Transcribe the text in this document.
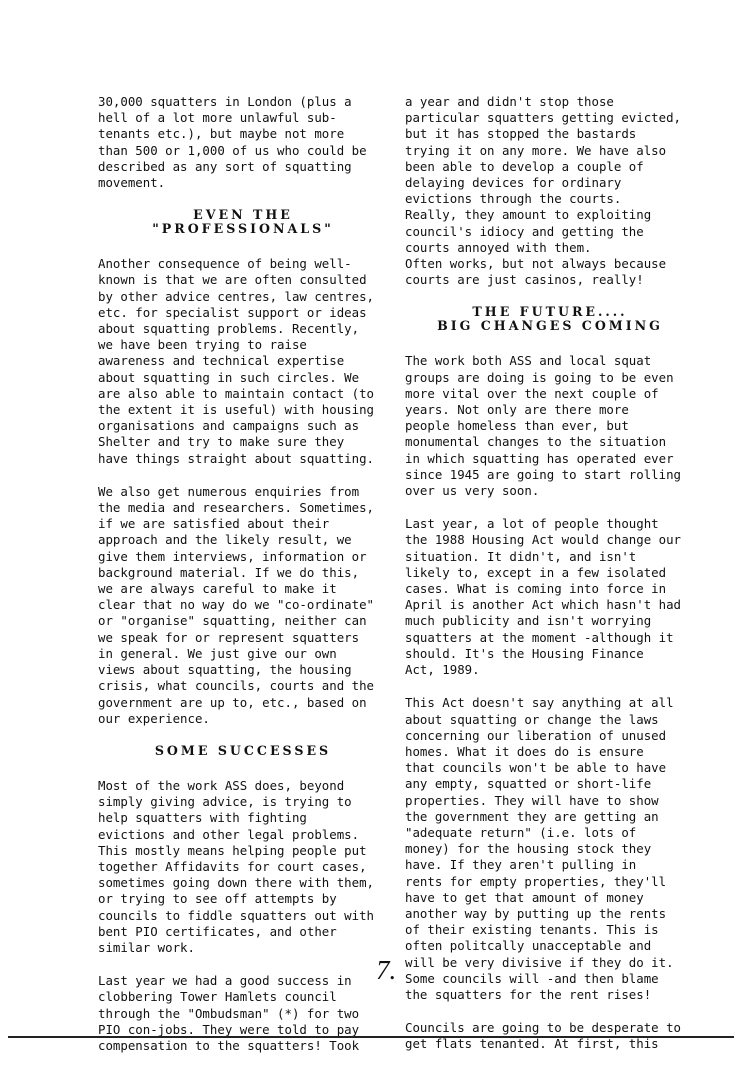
30,000 squatters in London (plus a
hell of a lot more unlawful sub-
tenants etc.), but maybe not more
than 500 or 1,000 of us who could be
described as any sort of squatting
movement.

EVEN THE
"PROFESSIONALS"

Another consequence of being well-
known is that we are often consulted
by other advice centres, law centres,
etc. for specialist support or ideas
about squatting problems. Recently,
we have been trying to raise
awareness and technical expertise
about squatting in such circles. We
are also able to maintain contact (to
the extent it is useful) with housing
organisations and campaigns such as
Shelter and try to make sure they
have things straight about squatting.

We also get numerous enquiries from
the media and researchers. Sometimes,
if we are satisfied about their
approach and the likely result, we
give them interviews, information or
background material. If we do this,
we are always careful to make it
clear that no way do we "co-ordinate"
or "organise" squatting, neither can
we speak for or represent squatters
in general. We just give our own
views about squatting, the housing
crisis, what councils, courts and the
government are up to, etc., based on
our experience.

SOME SUCCESSES

Most of the work ASS does, beyond
simply giving advice, is trying to
help squatters with fighting
evictions and other legal problems.
This mostly means helping people put
together Affidavits for court cases,
sometimes going down there with them,
or trying to see off attempts by
councils to fiddle squatters out with
bent PIO certificates, and other
similar work.

Last year we had a good success in
clobbering Tower Hamlets council
through the "Ombudsman" (*) for two
PIO con-jobs. They were told to pay
compensation to the squatters! Took

a year and didn't stop those
particular squatters getting evicted,
but it has stopped the bastards
trying it on any more. We have also
been able to develop a couple of
delaying devices for ordinary
evictions through the courts.
Really, they amount to exploiting
council's idiocy and getting the
courts annoyed with them.
Often works, but not always because
courts are just casinos, really!

THE FUTURE....
BIG CHANGES COMING

The work both ASS and local squat
groups are doing is going to be even
more vital over the next couple of
years. Not only are there more
people homeless than ever, but
monumental changes to the situation
in which squatting has operated ever
since 1945 are going to start rolling
over us very soon.

Last year, a lot of people thought
the 1988 Housing Act would change our
situation. It didn't, and isn't
likely to, except in a few isolated
cases. What is coming into force in
April is another Act which hasn't had
much publicity and isn't worrying
squatters at the moment -although it
should. It's the Housing Finance
Act, 1989.

This Act doesn't say anything at all
about squatting or change the laws
concerning our liberation of unused
homes. What it does do is ensure
that councils won't be able to have
any empty, squatted or short-life
properties. They will have to show
the government they are getting an
"adequate return" (i.e. lots of
money) for the housing stock they
have. If they aren't pulling in
rents for empty properties, they'll
have to get that amount of money
another way by putting up the rents
of their existing tenants. This is
often politcally unacceptable and
will be very divisive if they do it.
Some councils will -and then blame
the squatters for the rent rises!

Councils are going to be desperate to
get flats tenanted. At first, this

7.
